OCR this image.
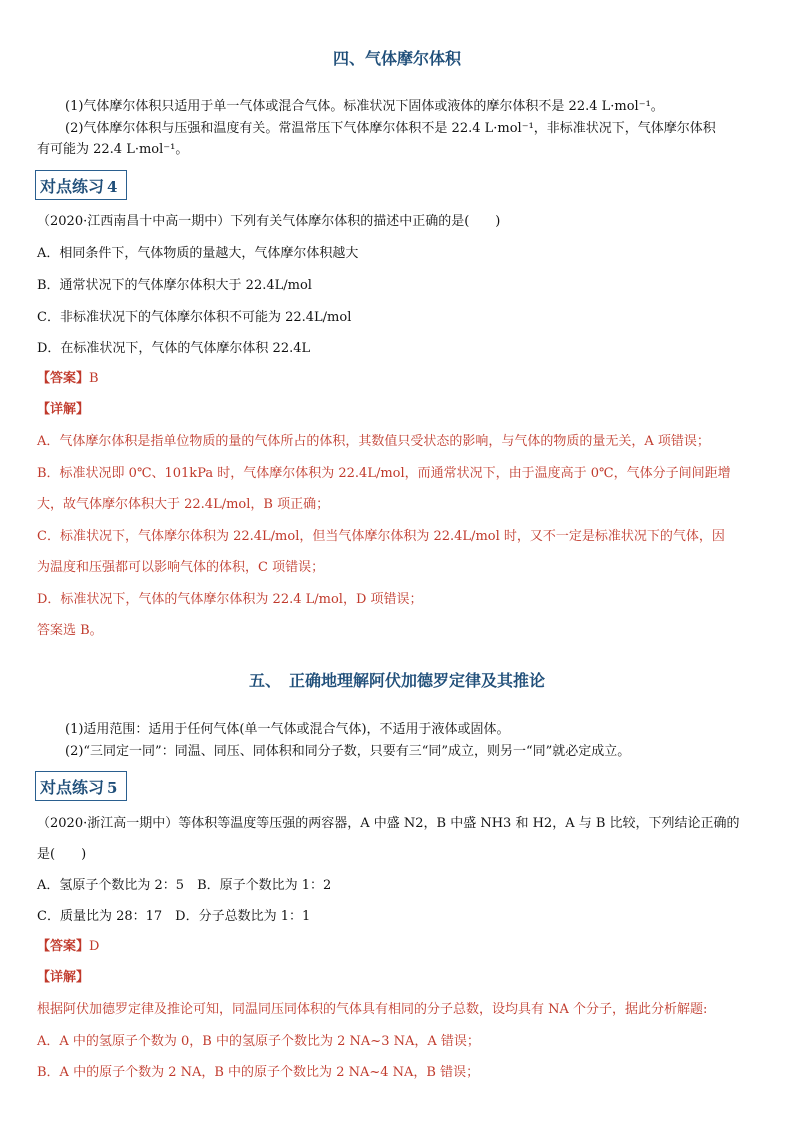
四、气体摩尔体积
(1)气体摩尔体积只适用于单一气体或混合气体。标准状况下固体或液体的摩尔体积不是 22.4 L·mol⁻¹。
(2)气体摩尔体积与压强和温度有关。常温常压下气体摩尔体积不是 22.4 L·mol⁻¹，非标准状况下，气体摩尔体积
有可能为 22.4 L·mol⁻¹。
对点练习 4
（2020·江西南昌十中高一期中）下列有关气体摩尔体积的描述中正确的是(　　)
A．相同条件下，气体物质的量越大，气体摩尔体积越大
B．通常状况下的气体摩尔体积大于 22.4L/mol
C．非标准状况下的气体摩尔体积不可能为 22.4L/mol
D．在标准状况下，气体的气体摩尔体积 22.4L
【答案】B
【详解】
A．气体摩尔体积是指单位物质的量的气体所占的体积，其数值只受状态的影响，与气体的物质的量无关，A 项错误；
B．标准状况即 0℃、101kPa 时，气体摩尔体积为 22.4L/mol，而通常状况下，由于温度高于 0℃，气体分子间间距增
大，故气体摩尔体积大于 22.4L/mol，B 项正确；
C．标准状况下，气体摩尔体积为 22.4L/mol，但当气体摩尔体积为 22.4L/mol 时，又不一定是标准状况下的气体，因
为温度和压强都可以影响气体的体积，C 项错误；
D．标准状况下，气体的气体摩尔体积为 22.4 L/mol，D 项错误；
答案选 B。
五、　正确地理解阿伏加德罗定律及其推论
(1)适用范围：适用于任何气体(单一气体或混合气体)，不适用于液体或固体。
(2)“三同定一同”：同温、同压、同体积和同分子数，只要有三“同”成立，则另一“同”就必定成立。
对点练习 5
（2020·浙江高一期中）等体积等温度等压强的两容器，A 中盛 N2，B 中盛 NH3 和 H2，A 与 B 比较，下列结论正确的
是(　　)
A．氢原子个数比为 2：5　B．原子个数比为 1：2
C．质量比为 28：17　D．分子总数比为 1：1
【答案】D
【详解】
根据阿伏加德罗定律及推论可知，同温同压同体积的气体具有相同的分子总数，设均具有 NA 个分子，据此分析解题:
A．A 中的氢原子个数为 0，B 中的氢原子个数比为 2 NA~3 NA，A 错误；
B．A 中的原子个数为 2 NA，B 中的原子个数比为 2 NA~4 NA，B 错误；
